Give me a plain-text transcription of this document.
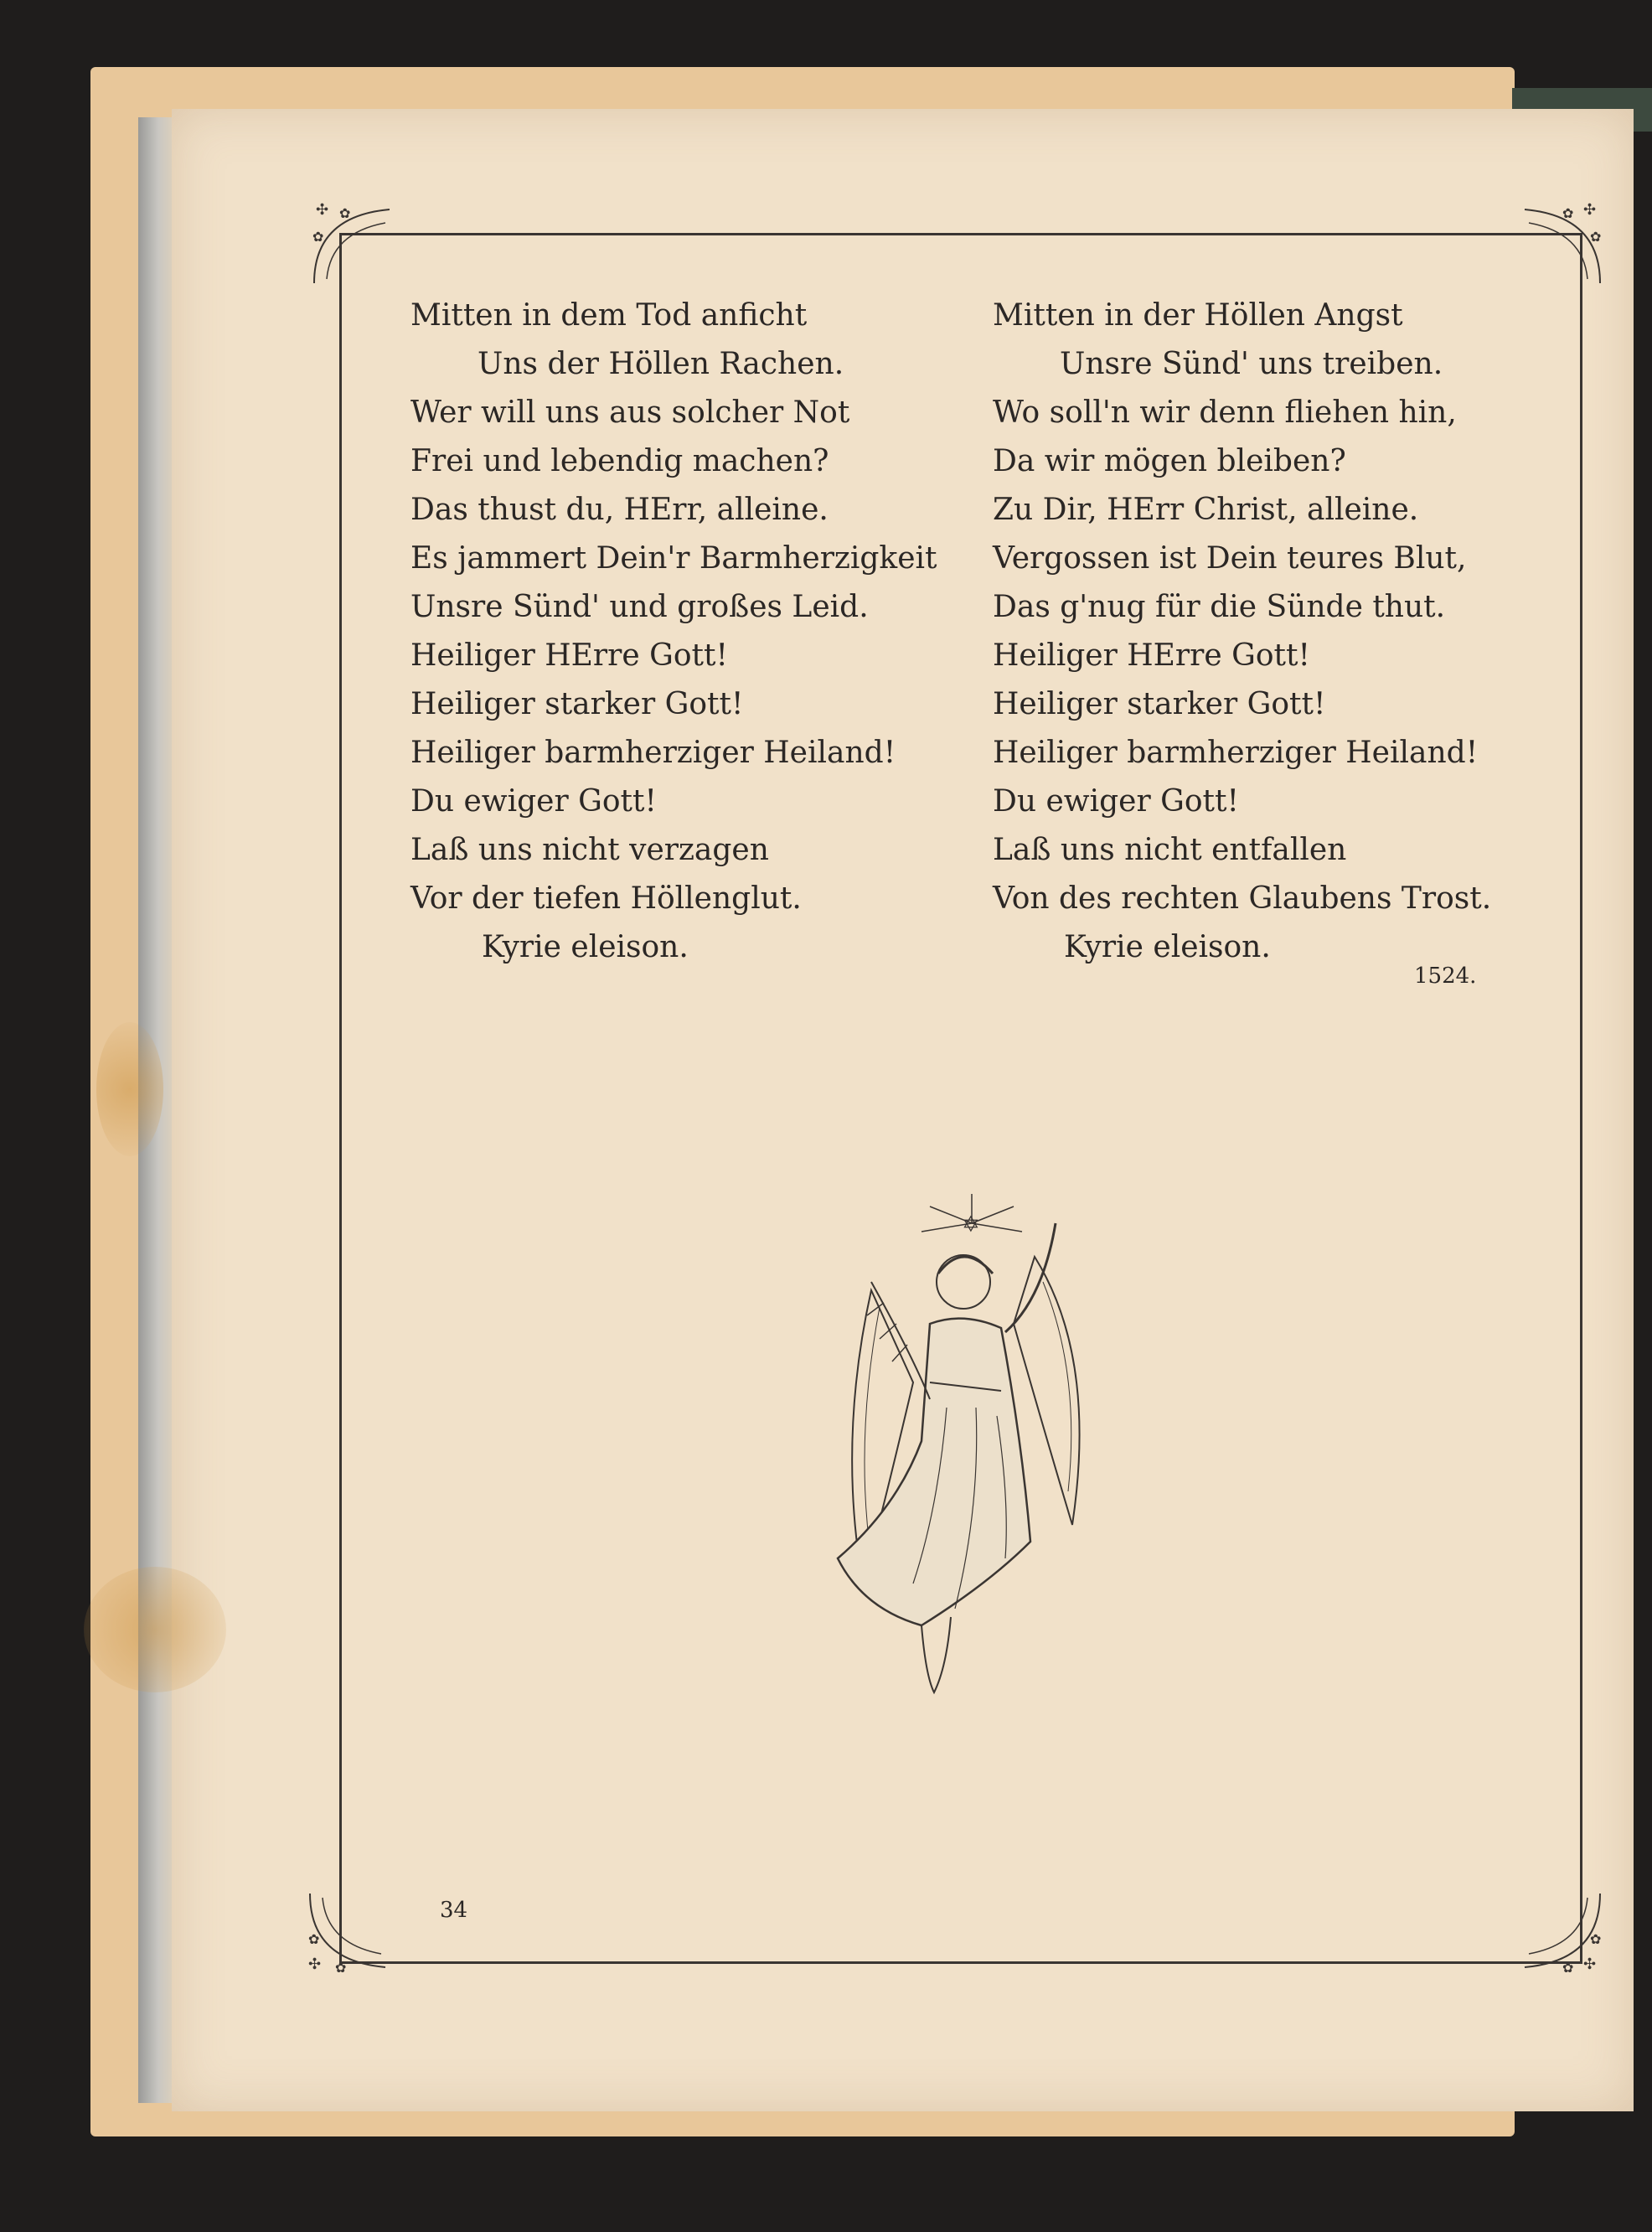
✣ ✿
✿
✣
✿
✿
✣ ✿
✿
✣
✿
✿
Mitten in dem Tod anficht
Uns der Höllen Rachen.
Wer will uns aus solcher Not
Frei und lebendig machen?
Das thust du, HErr, alleine.
Es jammert Dein'r Barmherzigkeit
Unsre Sünd' und großes Leid.
Heiliger HErre Gott!
Heiliger starker Gott!
Heiliger barmherziger Heiland!
Du ewiger Gott!
Laß uns nicht verzagen
Vor der tiefen Höllenglut.
Kyrie eleison.
Mitten in der Höllen Angst
Unsre Sünd' uns treiben.
Wo soll'n wir denn fliehen hin,
Da wir mögen bleiben?
Zu Dir, HErr Christ, alleine.
Vergossen ist Dein teures Blut,
Das g'nug für die Sünde thut.
Heiliger HErre Gott!
Heiliger starker Gott!
Heiliger barmherziger Heiland!
Du ewiger Gott!
Laß uns nicht entfallen
Von des rechten Glaubens Trost.
Kyrie eleison.
1524.
✡
34
